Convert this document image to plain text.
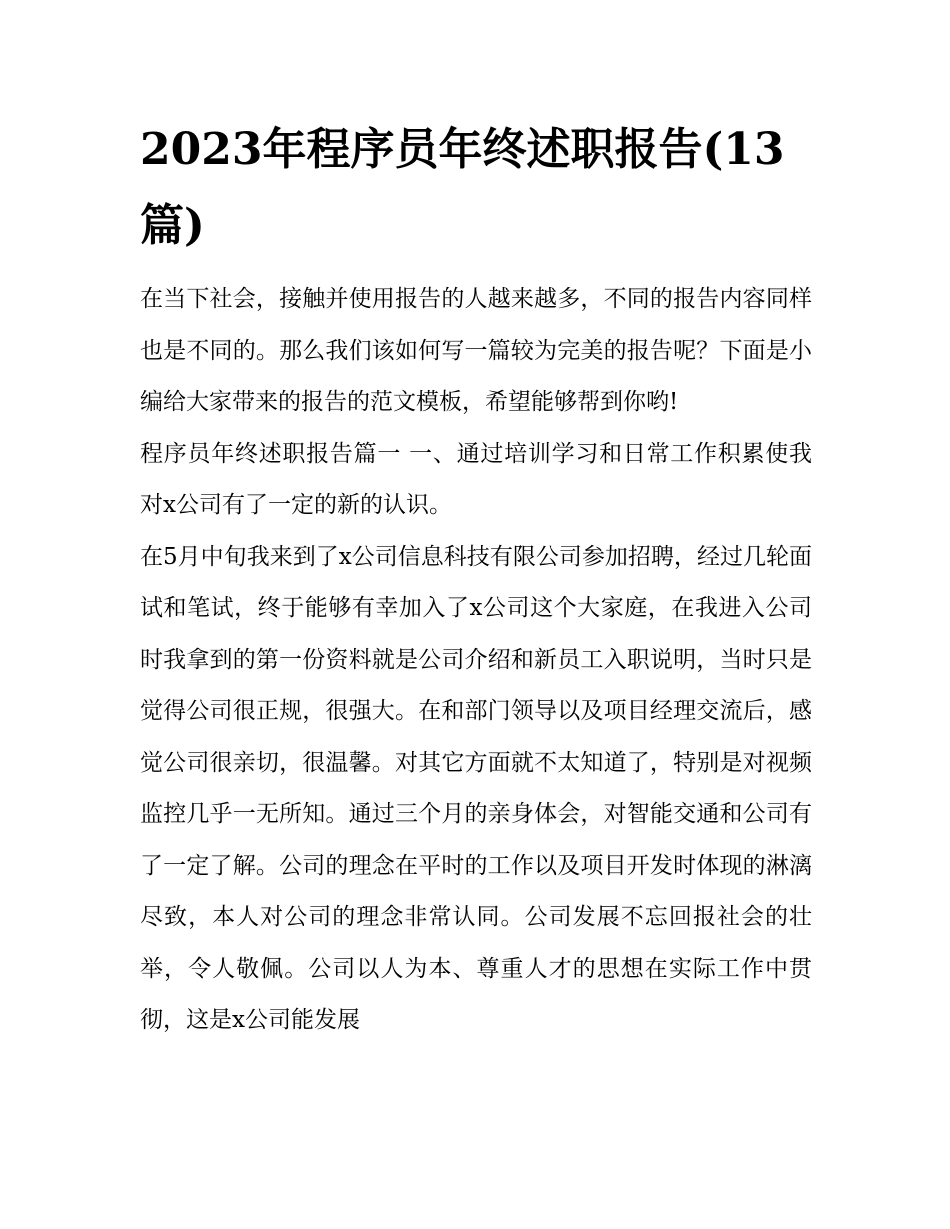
2023年程序员年终述职报告(13篇)

在当下社会，接触并使用报告的人越来越多，不同的报告内容同样也是不同的。那么我们该如何写一篇较为完美的报告呢？下面是小编给大家带来的报告的范文模板，希望能够帮到你哟!

程序员年终述职报告篇一 一、通过培训学习和日常工作积累使我对x公司有了一定的新的认识。

在5月中旬我来到了x公司信息科技有限公司参加招聘，经过几轮面试和笔试，终于能够有幸加入了x公司这个大家庭，在我进入公司时我拿到的第一份资料就是公司介绍和新员工入职说明，当时只是觉得公司很正规，很强大。在和部门领导以及项目经理交流后，感觉公司很亲切，很温馨。对其它方面就不太知道了，特别是对视频监控几乎一无所知。通过三个月的亲身体会，对智能交通和公司有了一定了解。公司的理念在平时的工作以及项目开发时体现的淋漓尽致，本人对公司的理念非常认同。公司发展不忘回报社会的壮举，令人敬佩。公司以人为本、尊重人才的思想在实际工作中贯彻，这是x公司能发展
